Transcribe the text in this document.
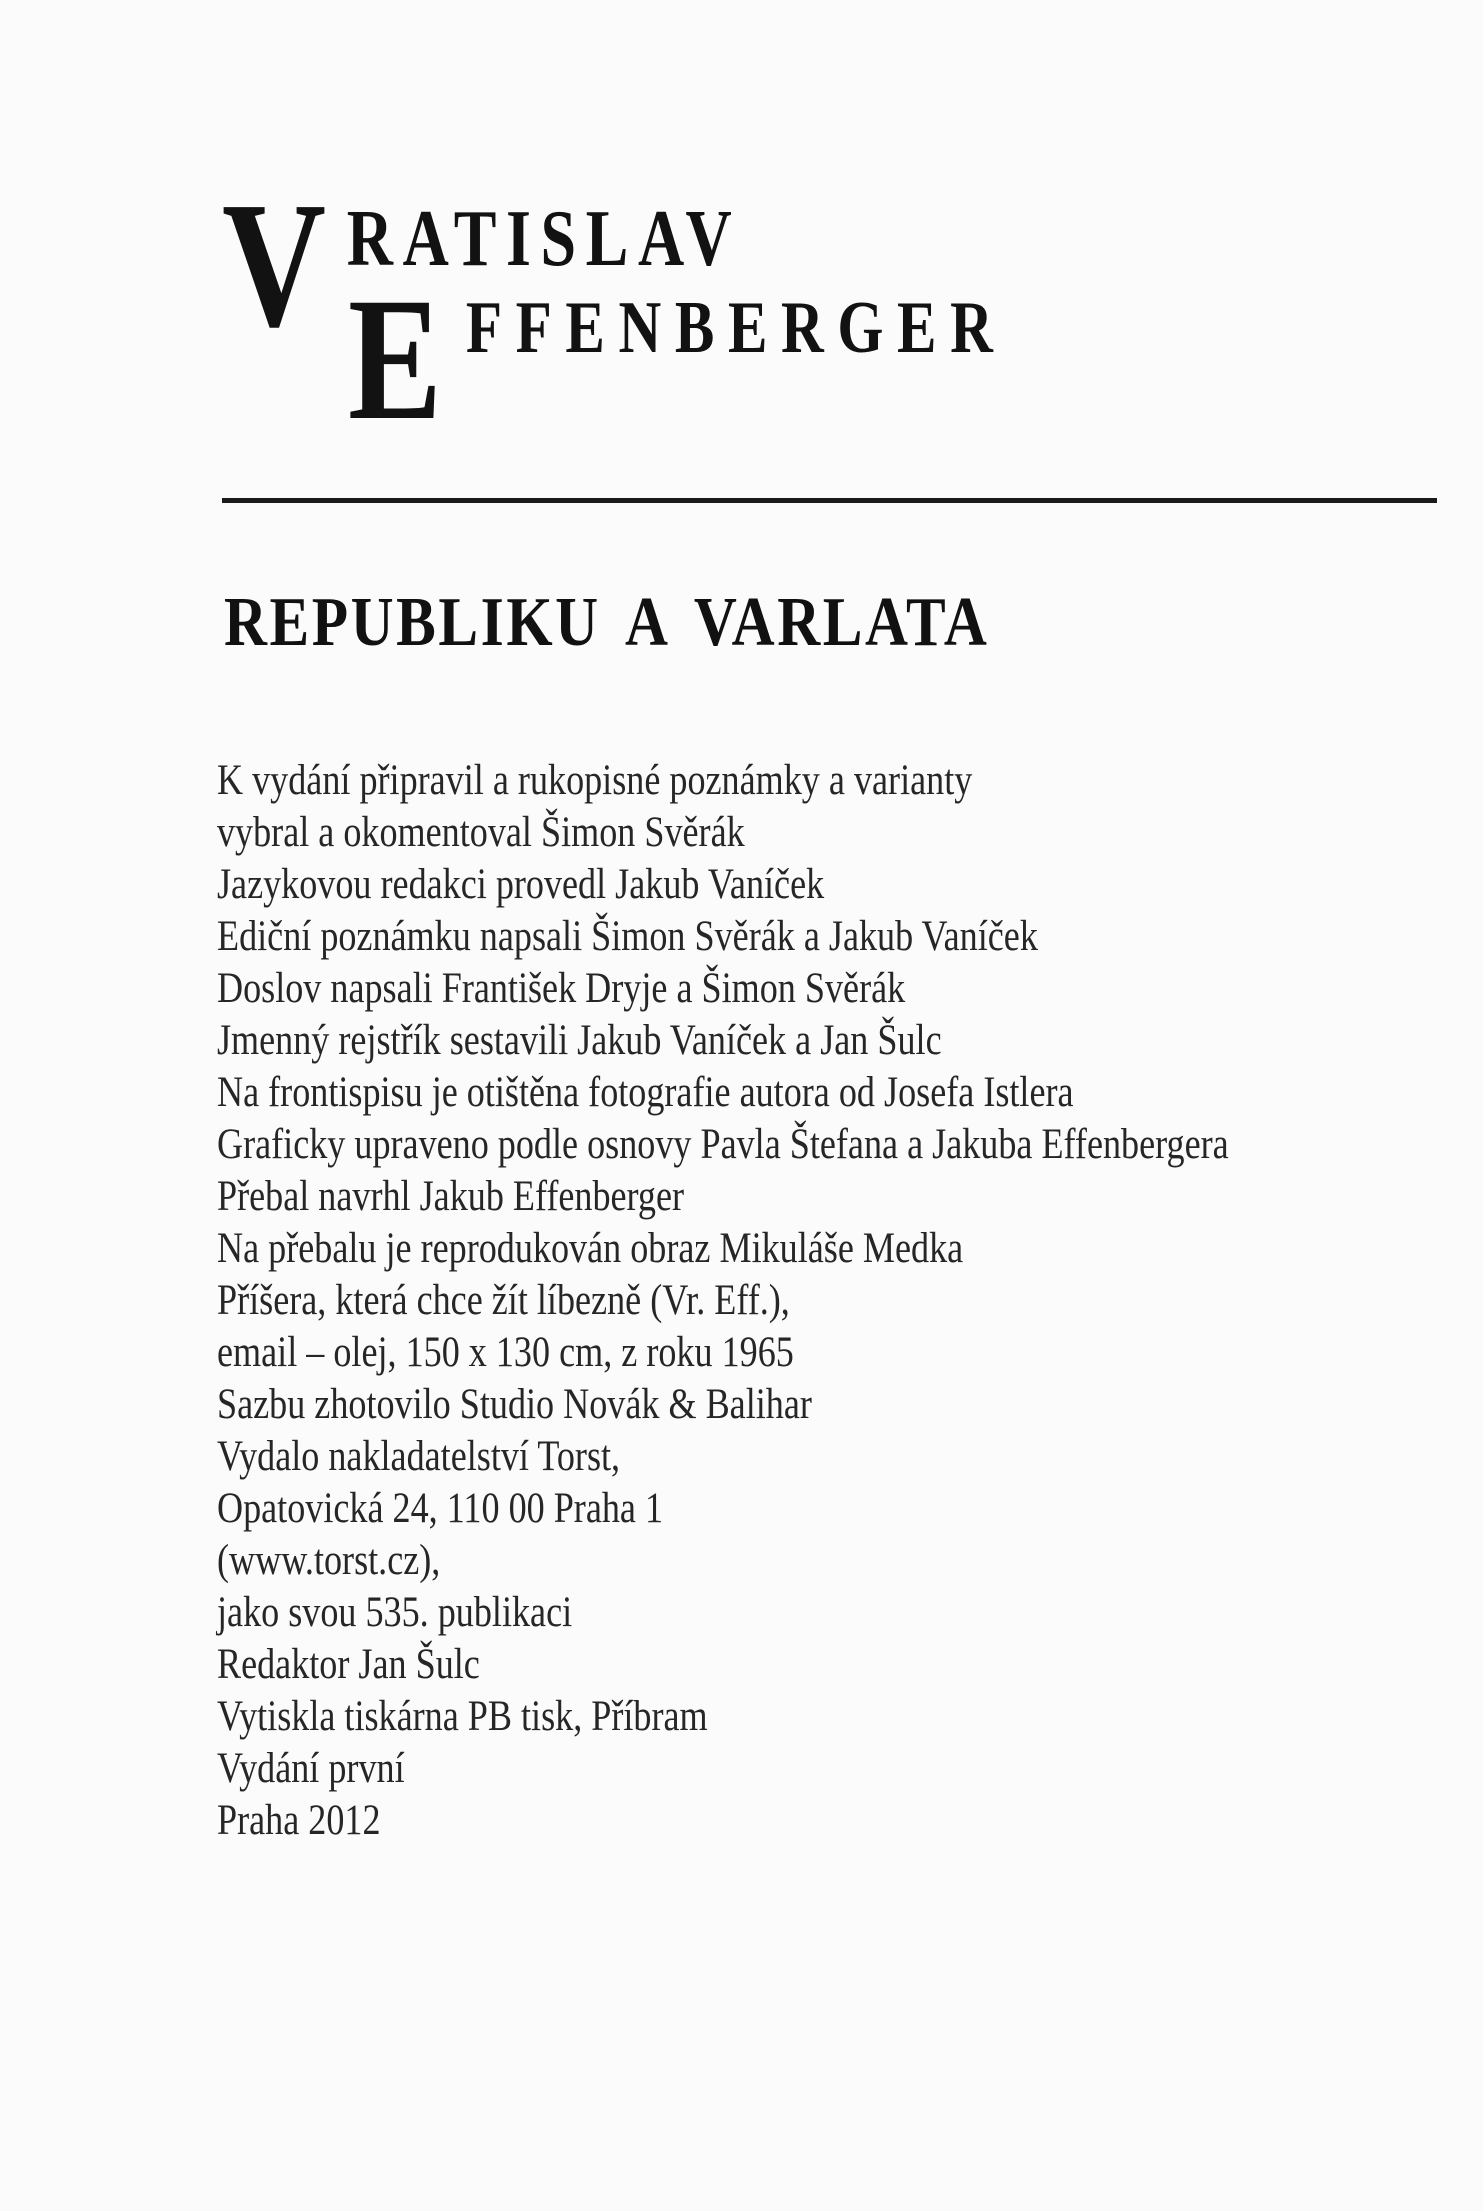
V RATISLAV
E FFENBERGER
REPUBLIKU A VARLATA
K vydání připravil a rukopisné poznámky a varianty
vybral a okomentoval Šimon Svěrák
Jazykovou redakci provedl Jakub Vaníček
Ediční poznámku napsali Šimon Svěrák a Jakub Vaníček
Doslov napsali František Dryje a Šimon Svěrák
Jmenný rejstřík sestavili Jakub Vaníček a Jan Šulc
Na frontispisu je otištěna fotografie autora od Josefa Istlera
Graficky upraveno podle osnovy Pavla Štefana a Jakuba Effenbergera
Přebal navrhl Jakub Effenberger
Na přebalu je reprodukován obraz Mikuláše Medka
Příšera, která chce žít líbezně (Vr. Eff.),
email – olej, 150 x 130 cm, z roku 1965
Sazbu zhotovilo Studio Novák & Balihar
Vydalo nakladatelství Torst,
Opatovická 24, 110 00 Praha 1
(www.torst.cz),
jako svou 535. publikaci
Redaktor Jan Šulc
Vytiskla tiskárna PB tisk, Příbram
Vydání první
Praha 2012
